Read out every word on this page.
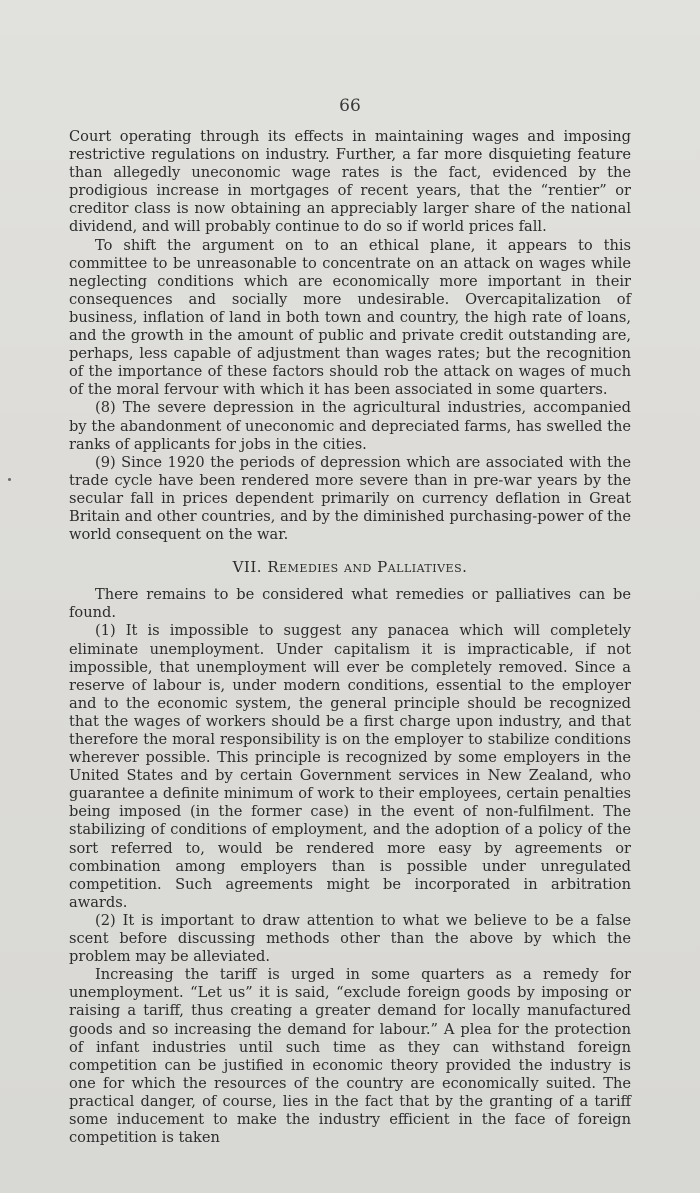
66

Court operating through its effects in maintaining wages and imposing restrictive regulations on industry. Further, a far more disquieting feature than allegedly uneconomic wage rates is the fact, evidenced by the prodigious increase in mortgages of recent years, that the “rentier” or creditor class is now obtaining an appreciably larger share of the national dividend, and will probably continue to do so if world prices fall.

To shift the argument on to an ethical plane, it appears to this committee to be unreasonable to concentrate on an attack on wages while neglecting conditions which are economically more important in their consequences and socially more undesirable. Overcapitalization of business, inflation of land in both town and country, the high rate of loans, and the growth in the amount of public and private credit outstanding are, perhaps, less capable of adjustment than wages rates; but the recognition of the importance of these factors should rob the attack on wages of much of the moral fervour with which it has been associated in some quarters.

(8) The severe depression in the agricultural industries, accompanied by the abandonment of uneconomic and depreciated farms, has swelled the ranks of applicants for jobs in the cities.

(9) Since 1920 the periods of depression which are associated with the trade cycle have been rendered more severe than in pre-war years by the secular fall in prices dependent primarily on currency deflation in Great Britain and other countries, and by the diminished purchasing-power of the world consequent on the war.

VII. Remedies and Palliatives.

There remains to be considered what remedies or palliatives can be found.

(1) It is impossible to suggest any panacea which will completely eliminate unemployment. Under capitalism it is impracticable, if not impossible, that unemployment will ever be completely removed. Since a reserve of labour is, under modern conditions, essential to the employer and to the economic system, the general principle should be recognized that the wages of workers should be a first charge upon industry, and that therefore the moral responsibility is on the employer to stabilize conditions wherever possible. This principle is recognized by some employers in the United States and by certain Government services in New Zealand, who guarantee a definite minimum of work to their employees, certain penalties being imposed (in the former case) in the event of non-fulfilment. The stabilizing of conditions of employment, and the adoption of a policy of the sort referred to, would be rendered more easy by agreements or combination among employers than is possible under unregulated competition. Such agreements might be incorporated in arbitration awards.

(2) It is important to draw attention to what we believe to be a false scent before discussing methods other than the above by which the problem may be alleviated.

Increasing the tariff is urged in some quarters as a remedy for unemployment. “Let us” it is said, “exclude foreign goods by imposing or raising a tariff, thus creating a greater demand for locally manufactured goods and so increasing the demand for labour.” A plea for the protection of infant industries until such time as they can withstand foreign competition can be justified in economic theory provided the industry is one for which the resources of the country are economically suited. The practical danger, of course, lies in the fact that by the granting of a tariff some inducement to make the industry efficient in the face of foreign competition is taken
